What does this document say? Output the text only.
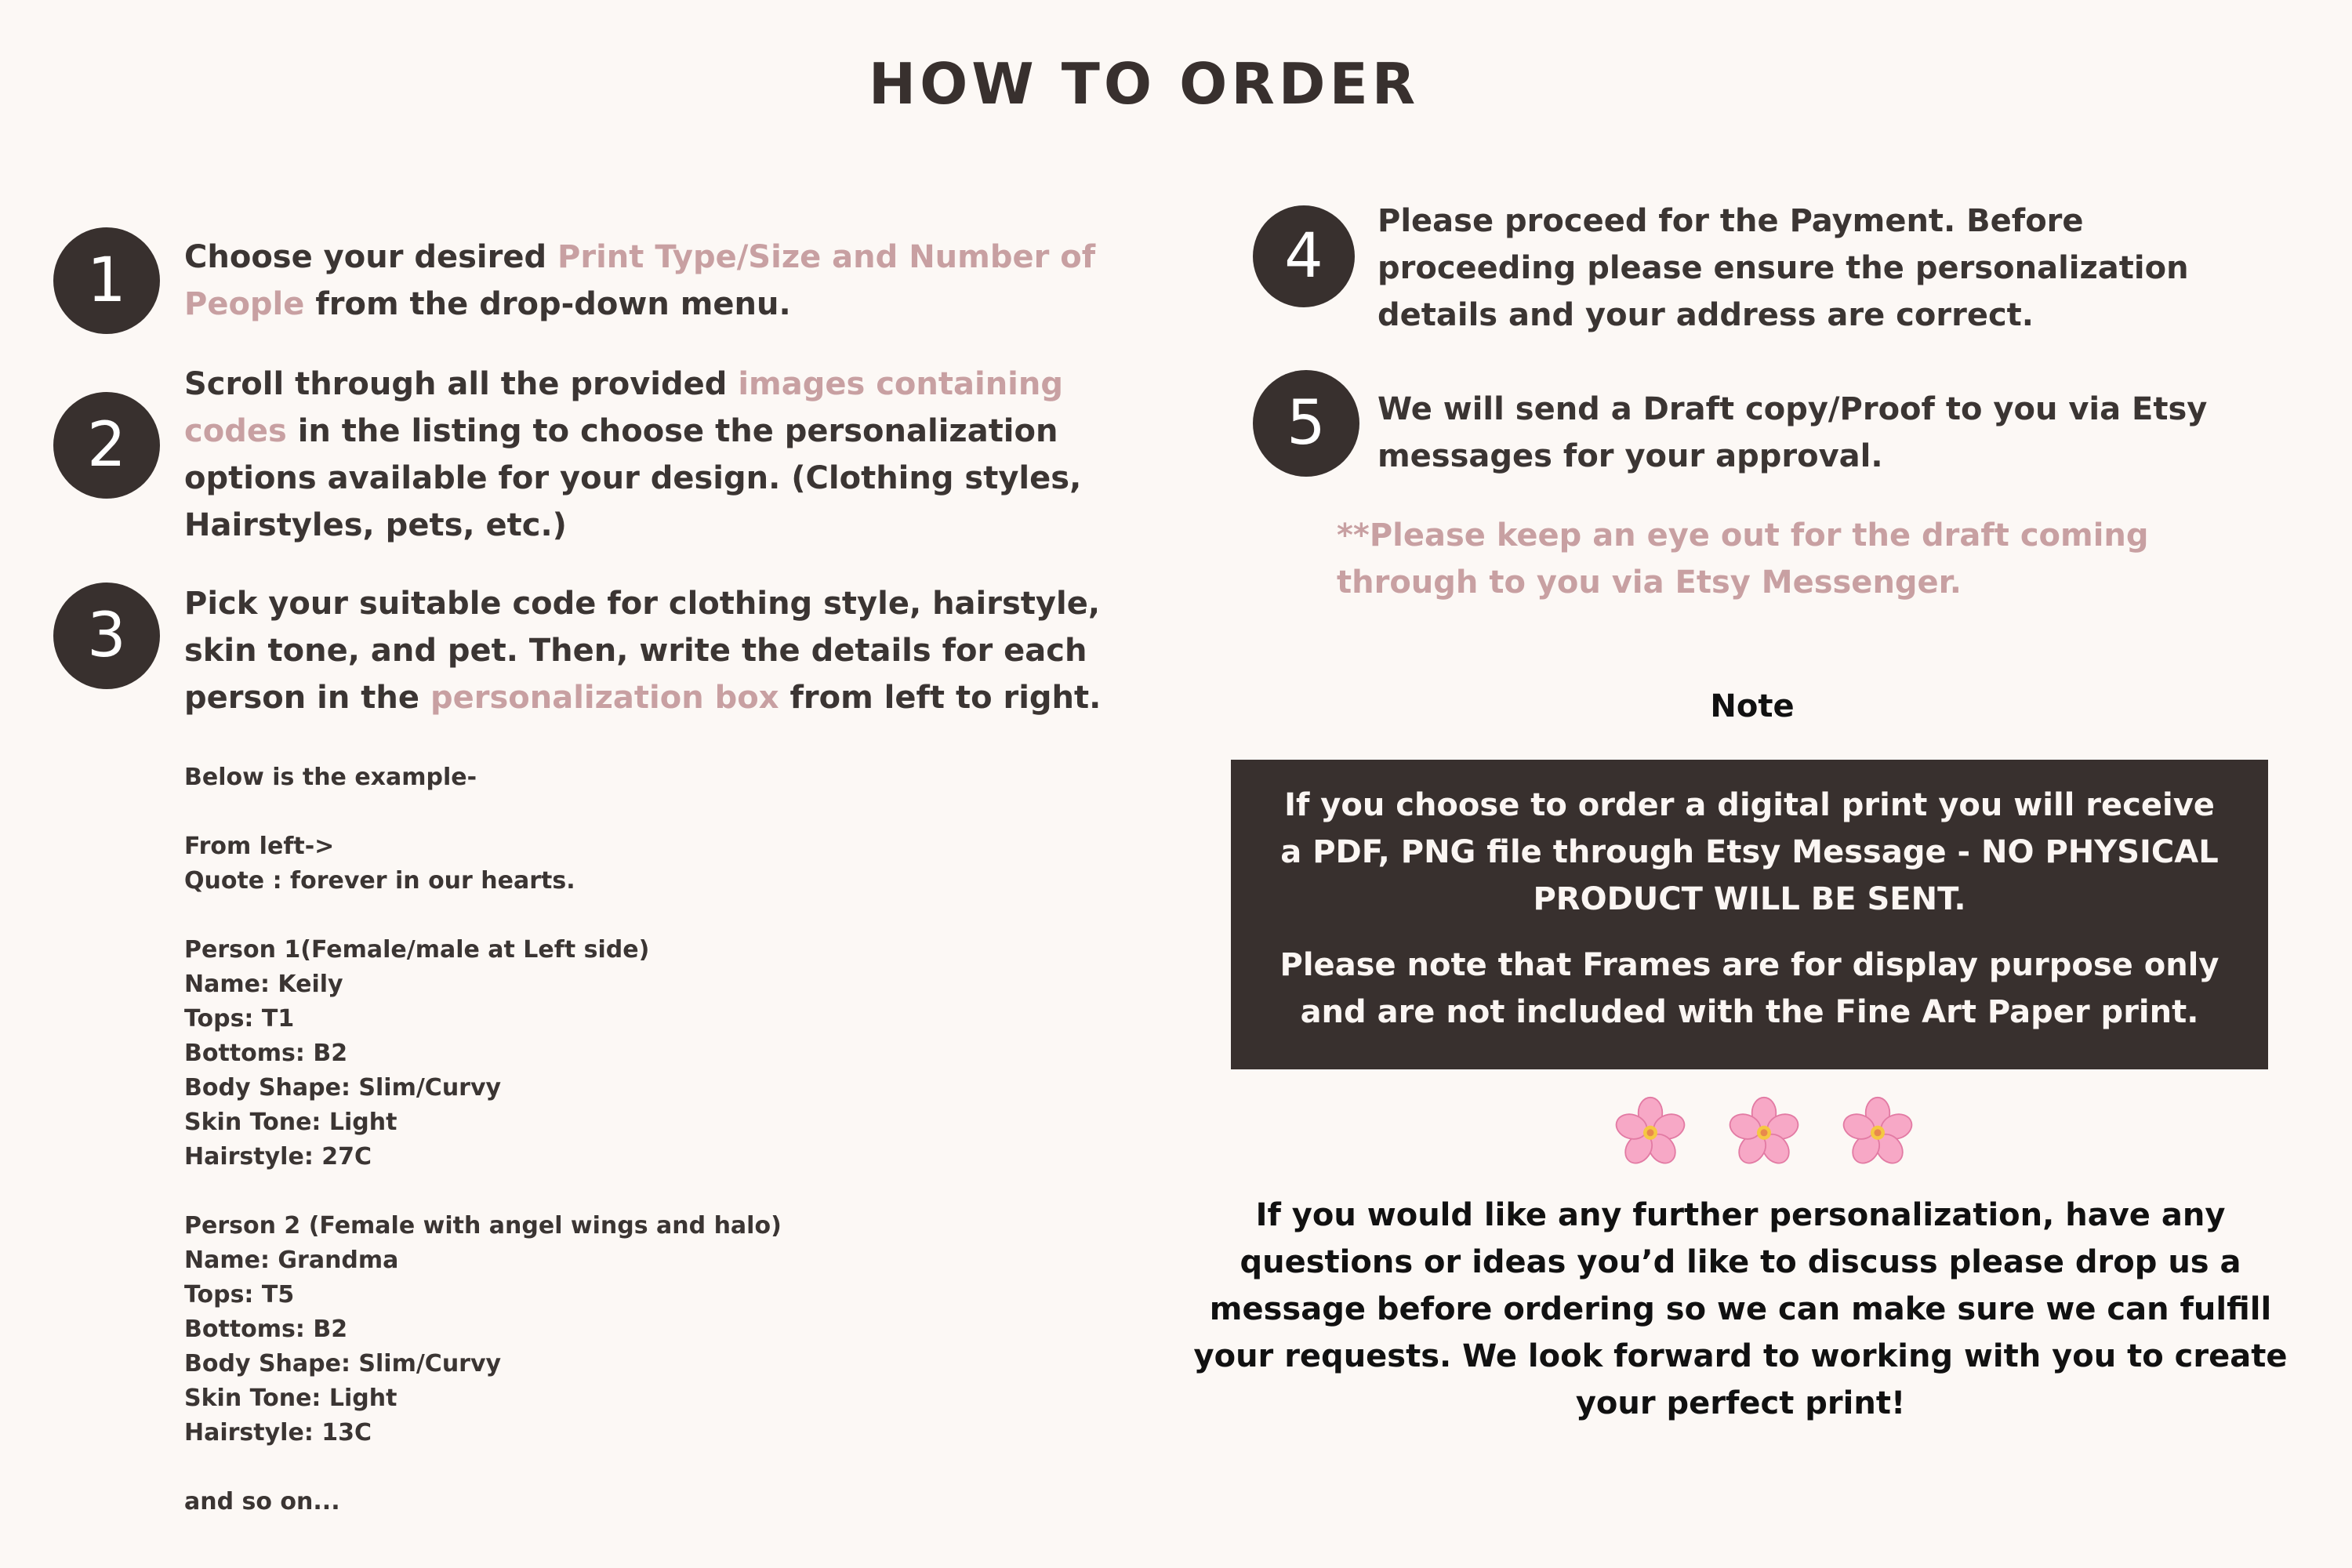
HOW TO ORDER
1	Choose your desired Print Type/Size and Number of People from the drop-down menu.
2
Scroll through all the provided images containing codes in the listing to choose the personalization options available for your design. (Clothing styles, Hairstyles, pets, etc.)
3	Pick your suitable code for clothing style, hairstyle, skin tone, and pet. Then, write the details for each person in the personalization box from left to right.
Below is the example-
From left->
Quote : forever in our hearts.
Person 1(Female/male at Left side)
Name: Keily
Tops: T1
Bottoms: B2
Body Shape: Slim/Curvy
Skin Tone: Light
Hairstyle: 27C
Person 2 (Female with angel wings and halo)
Name: Grandma
Tops: T5
Bottoms: B2
Body Shape: Slim/Curvy
Skin Tone: Light
Hairstyle: 13C
and so on...
4	Please proceed for the Payment. Before proceeding please ensure the personalization details and your address are correct.
5	We will send a Draft copy/Proof to you via Etsy messages for your approval.
**Please keep an eye out for the draft coming through to you via Etsy Messenger.
Note

If you choose to order a digital print you will receive a PDF, PNG file through Etsy Message - NO PHYSICAL PRODUCT WILL BE SENT.

Please note that Frames are for display purpose only and are not included with the Fine Art Paper print.

If you would like any further personalization, have any questions or ideas you’d like to discuss please drop us a message before ordering so we can make sure we can fulfill your requests. We look forward to working with you to create your perfect print!
